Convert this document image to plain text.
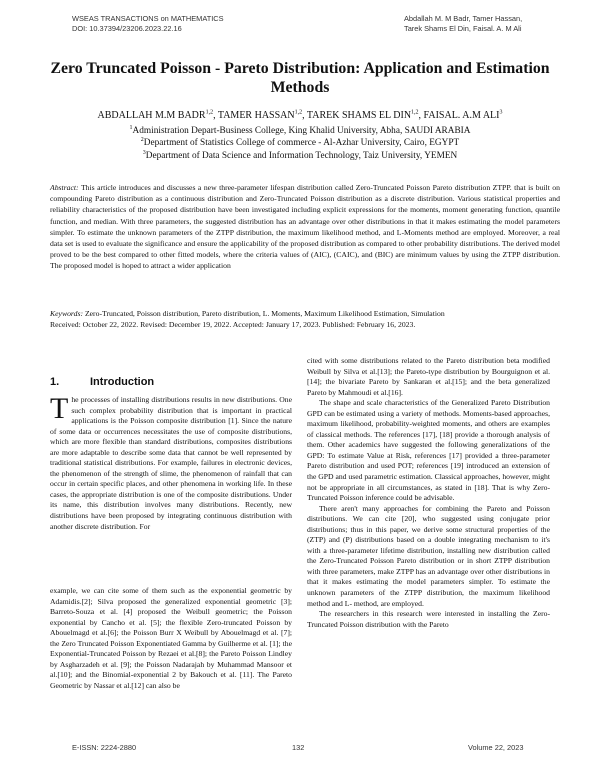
WSEAS TRANSACTIONS on MATHEMATICS
DOI: 10.37394/23206.2023.22.16
Abdallah M. M Badr, Tamer Hassan,
Tarek Shams El Din, Faisal. A. M Ali
Zero Truncated Poisson - Pareto Distribution: Application and Estimation
Methods
ABDALLAH M.M BADR$^{1,2}$, TAMER HASSAN$^{1,2}$, TAREK SHAMS EL DIN$^{1,2}$, FAISAL. A.M ALI$^3$
$^1$Administration Depart-Business College, King Khalid University, Abha, SAUDI ARABIA
$^2$Department of Statistics College of commerce - Al-Azhar University, Cairo, EGYPT
$^3$Department of Data Science and Information Technology, Taiz University, YEMEN
Abstract: This article introduces and discusses a new three-parameter lifespan distribution called Zero-Truncated Poisson Pareto distribution ZTPP. that is built on compounding Pareto distribution as a continuous distribution and Zero-Truncated Poisson distribution as a discrete distribution. Various statistical properties and reliability characteristics of the proposed distribution have been investigated including explicit expressions for the moments, moment generating function, quantile function, and median. With three parameters, the suggested distribution has an advantage over other distributions in that it makes estimating the model parameters simpler. To estimate the unknown parameters of the ZTPP distribution, the maximum likelihood method, and L-Moments method are employed. Moreover, a real data set is used to evaluate the significance and ensure the applicability of the proposed distribution as compared to other probability distributions. The derived model proved to be the best compared to other fitted models, where the criteria values of (AIC), (CAIC), and (BIC) are minimum values by using the ZTPP distribution. The proposed model is hoped to attract a wider application
Keywords: Zero-Truncated, Poisson distribution, Pareto distribution, L. Moments, Maximum Likelihood Estimation, Simulation
Received: October 22, 2022. Revised: December 19, 2022. Accepted: January 17, 2023. Published: February 16, 2023.
1.	Introduction

The processes of installing distributions results in new distributions. One such complex probability distribution that is important in practical applications is the Poisson composite distribution [1]. Since the nature of some data or occurrences necessitates the use of composite distributions, which are more flexible than standard distributions, composites distributions are more adaptable to describe some data that cannot be well represented by traditional statistical distributions. For example, failures in electronic devices, the phenomenon of the strength of slime, the phenomenon of rainfall that can occur in certain specific places, and other phenomena in working life. In these cases, the appropriate distribution is one of the composite distributions. Under its name, this distribution involves many distributions. Recently, new distributions have been proposed by integrating continuous distribution with another discrete distribution. For

example, we can cite some of them such as the exponential geometric by Adamidis.[2]; Silva proposed the generalized exponential geometric [3]; Barreto-Souza et al. [4] proposed the Weibull geometric; the Poisson exponential by Cancho et al. [5]; the flexible Zero-truncated Poisson by Abouelmagd et al.[6]; the Poisson Burr X Weibull by Abouelmagd et al. [7]; the Zero Truncated Poisson Exponentiated Gamma by Guilherme et al. [1]; the Exponential-Truncated Poisson by Rezaei et al.[8]; the Pareto Poisson Lindley by Asgharzadeh et al. [9]; the Poisson Nadarajah by Muhammad Mansoor et al.[10]; and the Binomial-exponential 2 by Bakouch et al. [11]. The Pareto Geometric by Nassar et al.[12] can also be

cited with some distributions related to the Pareto distribution beta modified Weibull by Silva et al.[13]; the Pareto-type distribution by Bourguignon et al.[14]; the bivariate Pareto by Sankaran et al.[15]; and the beta generalized Pareto by Mahmoudi et al.[16].

The shape and scale characteristics of the Generalized Pareto Distribution GPD can be estimated using a variety of methods. Moments-based approaches, maximum likelihood, probability-weighted moments, and others are examples of classical methods. The references [17], [18] provide a thorough analysis of them. Other academics have suggested the following generalizations of the GPD: To estimate Value at Risk, references [17] provided a three-parameter Pareto distribution and used POT; references [19] introduced an extension of the GPD and used parametric estimation. Classical approaches, however, might not be appropriate in all circumstances, as stated in [18]. That is why Zero-Truncated Poisson inference could be advisable.

There aren't many approaches for combining the Pareto and Poisson distributions. We can cite [20], who suggested using conjugate prior distributions; thus in this paper, we derive some structural properties of the (ZTP) and (P) distributions based on a double integrating mechanism to it's with a three-parameter lifetime distribution, installing new distribution called the Zero-Truncated Poisson Pareto distribution or in short ZTPP distribution with three parameters, make ZTPP has an advantage over other distributions in that it makes estimating the model parameters simpler. To estimate the unknown parameters of the ZTPP distribution, the maximum likelihood method and L- method, are employed.

The researchers in this research were interested in installing the Zero-Truncated Poisson distribution with the Pareto

E-ISSN: 2224-2880	132	Volume 22, 2023
